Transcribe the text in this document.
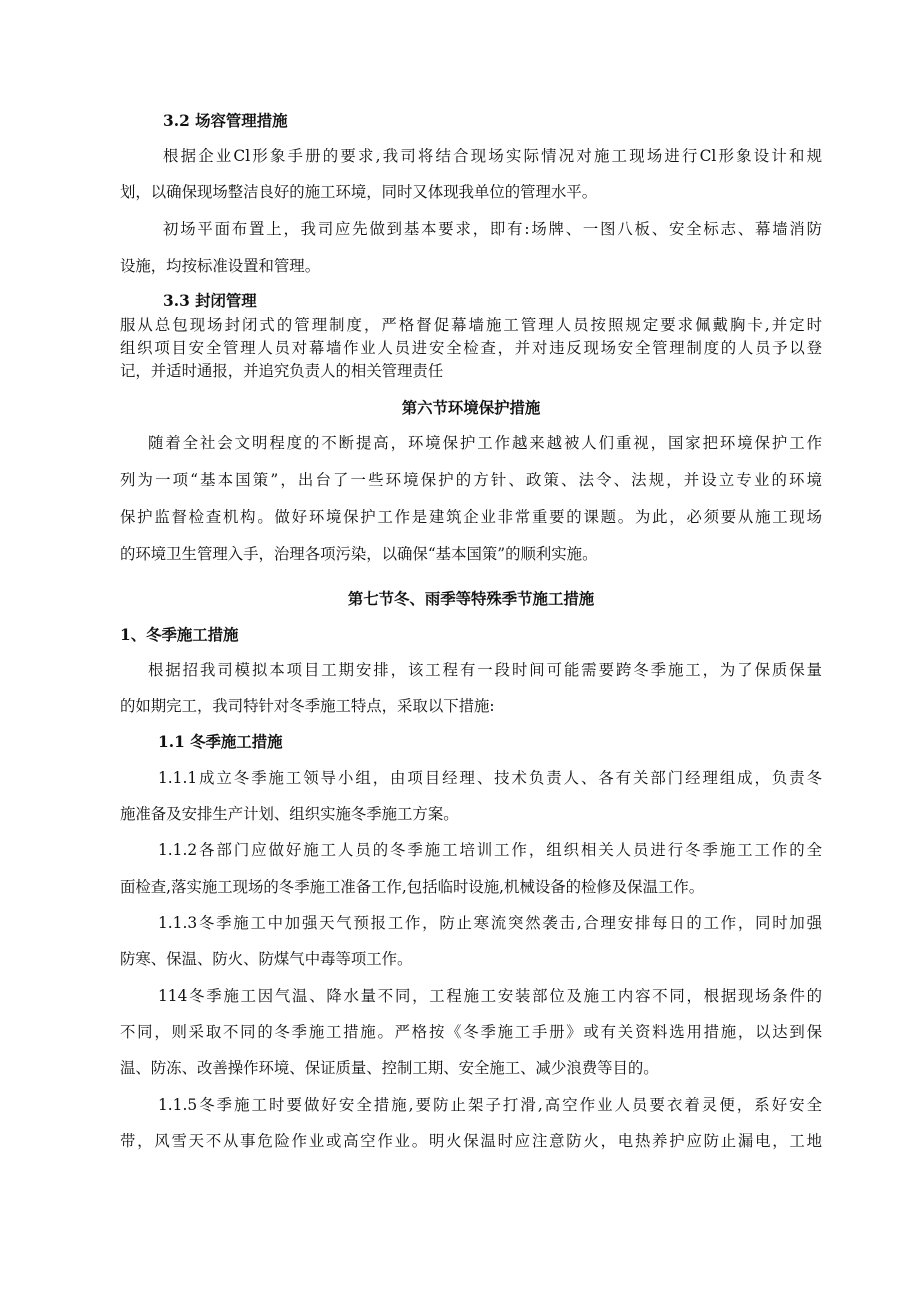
3.2 场容管理措施
根据企业Cl形象手册的要求,我司将结合现场实际情况对施工现场进行Cl形象设计和规
划，以确保现场整洁良好的施工环境，同时又体现我单位的管理水平。
初场平面布置上，我司应先做到基本要求，即有:场牌、一图八板、安全标志、幕墙消防
设施，均按标准设置和管理。
3.3 封闭管理
服从总包现场封闭式的管理制度，严格督促幕墙施工管理人员按照规定要求佩戴胸卡,并定时
组织项目安全管理人员对幕墙作业人员进安全检查，并对违反现场安全管理制度的人员予以登
记，并适时通报，并追究负责人的相关管理责任
第六节环境保护措施
随着全社会文明程度的不断提高，环境保护工作越来越被人们重视，国家把环境保护工作
列为一项“基本国策”，出台了一些环境保护的方针、政策、法令、法规，并设立专业的环境
保护监督检查机构。做好环境保护工作是建筑企业非常重要的课题。为此，必须要从施工现场
的环境卫生管理入手，治理各项污染，以确保“基本国策”的顺利实施。
第七节冬、雨季等特殊季节施工措施
1、冬季施工措施
根据招我司模拟本项目工期安排，该工程有一段时间可能需要跨冬季施工，为了保质保量
的如期完工，我司特针对冬季施工特点，采取以下措施:
1.1 冬季施工措施
1.1.1成立冬季施工领导小组，由项目经理、技术负责人、各有关部门经理组成，负责冬
施准备及安排生产计划、组织实施冬季施工方案。
1.1.2各部门应做好施工人员的冬季施工培训工作，组织相关人员进行冬季施工工作的全
面检查,落实施工现场的冬季施工准备工作,包括临时设施,机械设备的检修及保温工作。
1.1.3冬季施工中加强天气预报工作，防止寒流突然袭击,合理安排每日的工作，同时加强
防寒、保温、防火、防煤气中毒等项工作。
114冬季施工因气温、降水量不同，工程施工安装部位及施工内容不同，根据现场条件的
不同，则采取不同的冬季施工措施。严格按《冬季施工手册》或有关资料选用措施，以达到保
温、防冻、改善操作环境、保证质量、控制工期、安全施工、减少浪费等目的。
1.1.5冬季施工时要做好安全措施,要防止架子打滑,高空作业人员要衣着灵便，系好安全
带，风雪天不从事危险作业或高空作业。明火保温时应注意防火，电热养护应防止漏电，工地
